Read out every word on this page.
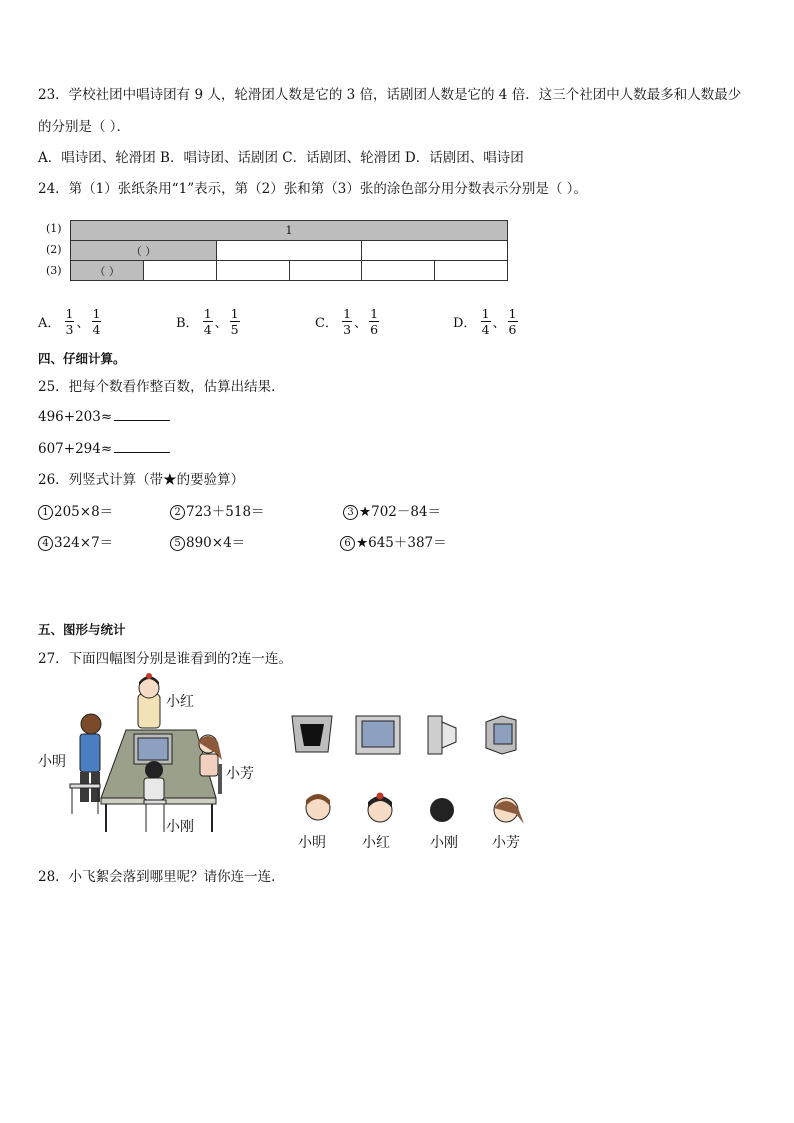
23．学校社团中唱诗团有 9 人，轮滑团人数是它的 3 倍，话剧团人数是它的 4 倍．这三个社团中人数最多和人数最少
的分别是（ ）．
A．唱诗团、轮滑团 B．唱诗团、话剧团 C．话剧团、轮滑团 D．话剧团、唱诗团
24．第（1）张纸条用“1”表示，第（2）张和第（3）张的涂色部分用分数表示分别是（ ）。
(1)
(2)
(3)
1					
（ ）					
（ ）					
A． $\frac{1}{3}$ 、 $\frac{1}{4}$	B． $\frac{1}{4}$ 、 $\frac{1}{5}$	C． $\frac{1}{3}$ 、 $\frac{1}{6}$	D． $\frac{1}{4}$ 、 $\frac{1}{6}$
四、仔细计算。
25．把每个数看作整百数，估算出结果．
496+203≈
607+294≈
26．列竖式计算（带★的要验算）
1 205×8＝	2 723＋518＝	3 ★702－84＝
4 324×7＝	5 890×4＝	6 ★645＋387＝
五、图形与统计
27．下面四幅图分别是谁看到的?连一连。
小红
小明
小芳
小刚
小明	小红	小刚 小芳
28．小飞絮会落到哪里呢？请你连一连．
